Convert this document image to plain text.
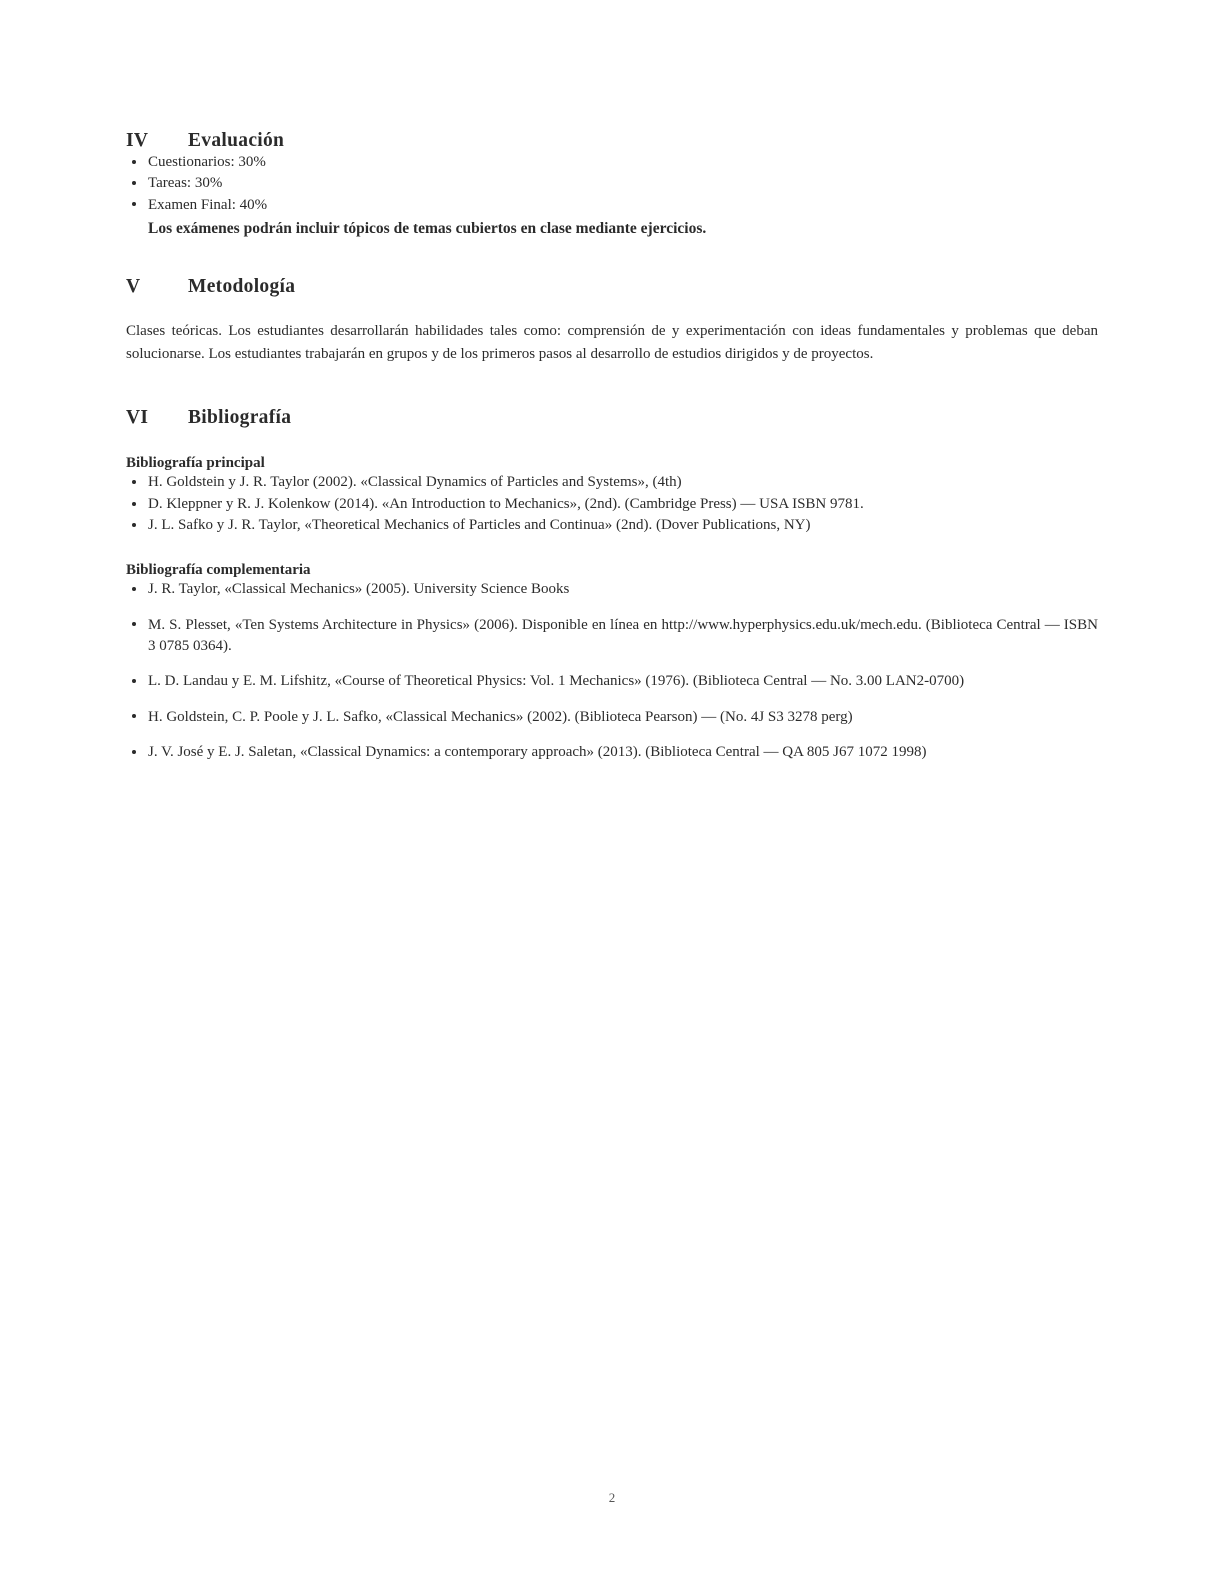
IV	Evaluación
Cuestionarios: 30%
Tareas: 30%
Examen Final: 40%
Los exámenes podrán incluir tópicos de temas cubiertos en clase mediante ejercicios.
V	Metodología

Clases teóricas. Los estudiantes desarrollarán habilidades tales como: comprensión de y experimentación con ideas fundamentales y problemas que deban solucionarse. Los estudiantes trabajarán en grupos y de los primeros pasos al desarrollo de estudios dirigidos y de proyectos.

VI	Bibliografía
Bibliografía principal
H. Goldstein y J. R. Taylor (2002). «Classical Dynamics of Particles and Systems», (4th)
D. Kleppner y R. J. Kolenkow (2014). «An Introduction to Mechanics», (2nd). (Cambridge Press) — USA ISBN 9781.
J. L. Safko y J. R. Taylor, «Theoretical Mechanics of Particles and Continua» (2nd). (Dover Publications, NY)
Bibliografía complementaria
J. R. Taylor, «Classical Mechanics» (2005). University Science Books
M. S. Plesset, «Ten Systems Architecture in Physics» (2006). Disponible en línea en http://www.hyperphysics.edu.uk/mech.edu. (Biblioteca Central — ISBN 3 0785 0364).
L. D. Landau y E. M. Lifshitz, «Course of Theoretical Physics: Vol. 1 Mechanics» (1976). (Biblioteca Central — No. 3.00 LAN2-0700)
H. Goldstein, C. P. Poole y J. L. Safko, «Classical Mechanics» (2002). (Biblioteca Pearson) — (No. 4J S3 3278 perg)
J. V. José y E. J. Saletan, «Classical Dynamics: a contemporary approach» (2013). (Biblioteca Central — QA 805 J67 1072 1998)
2
